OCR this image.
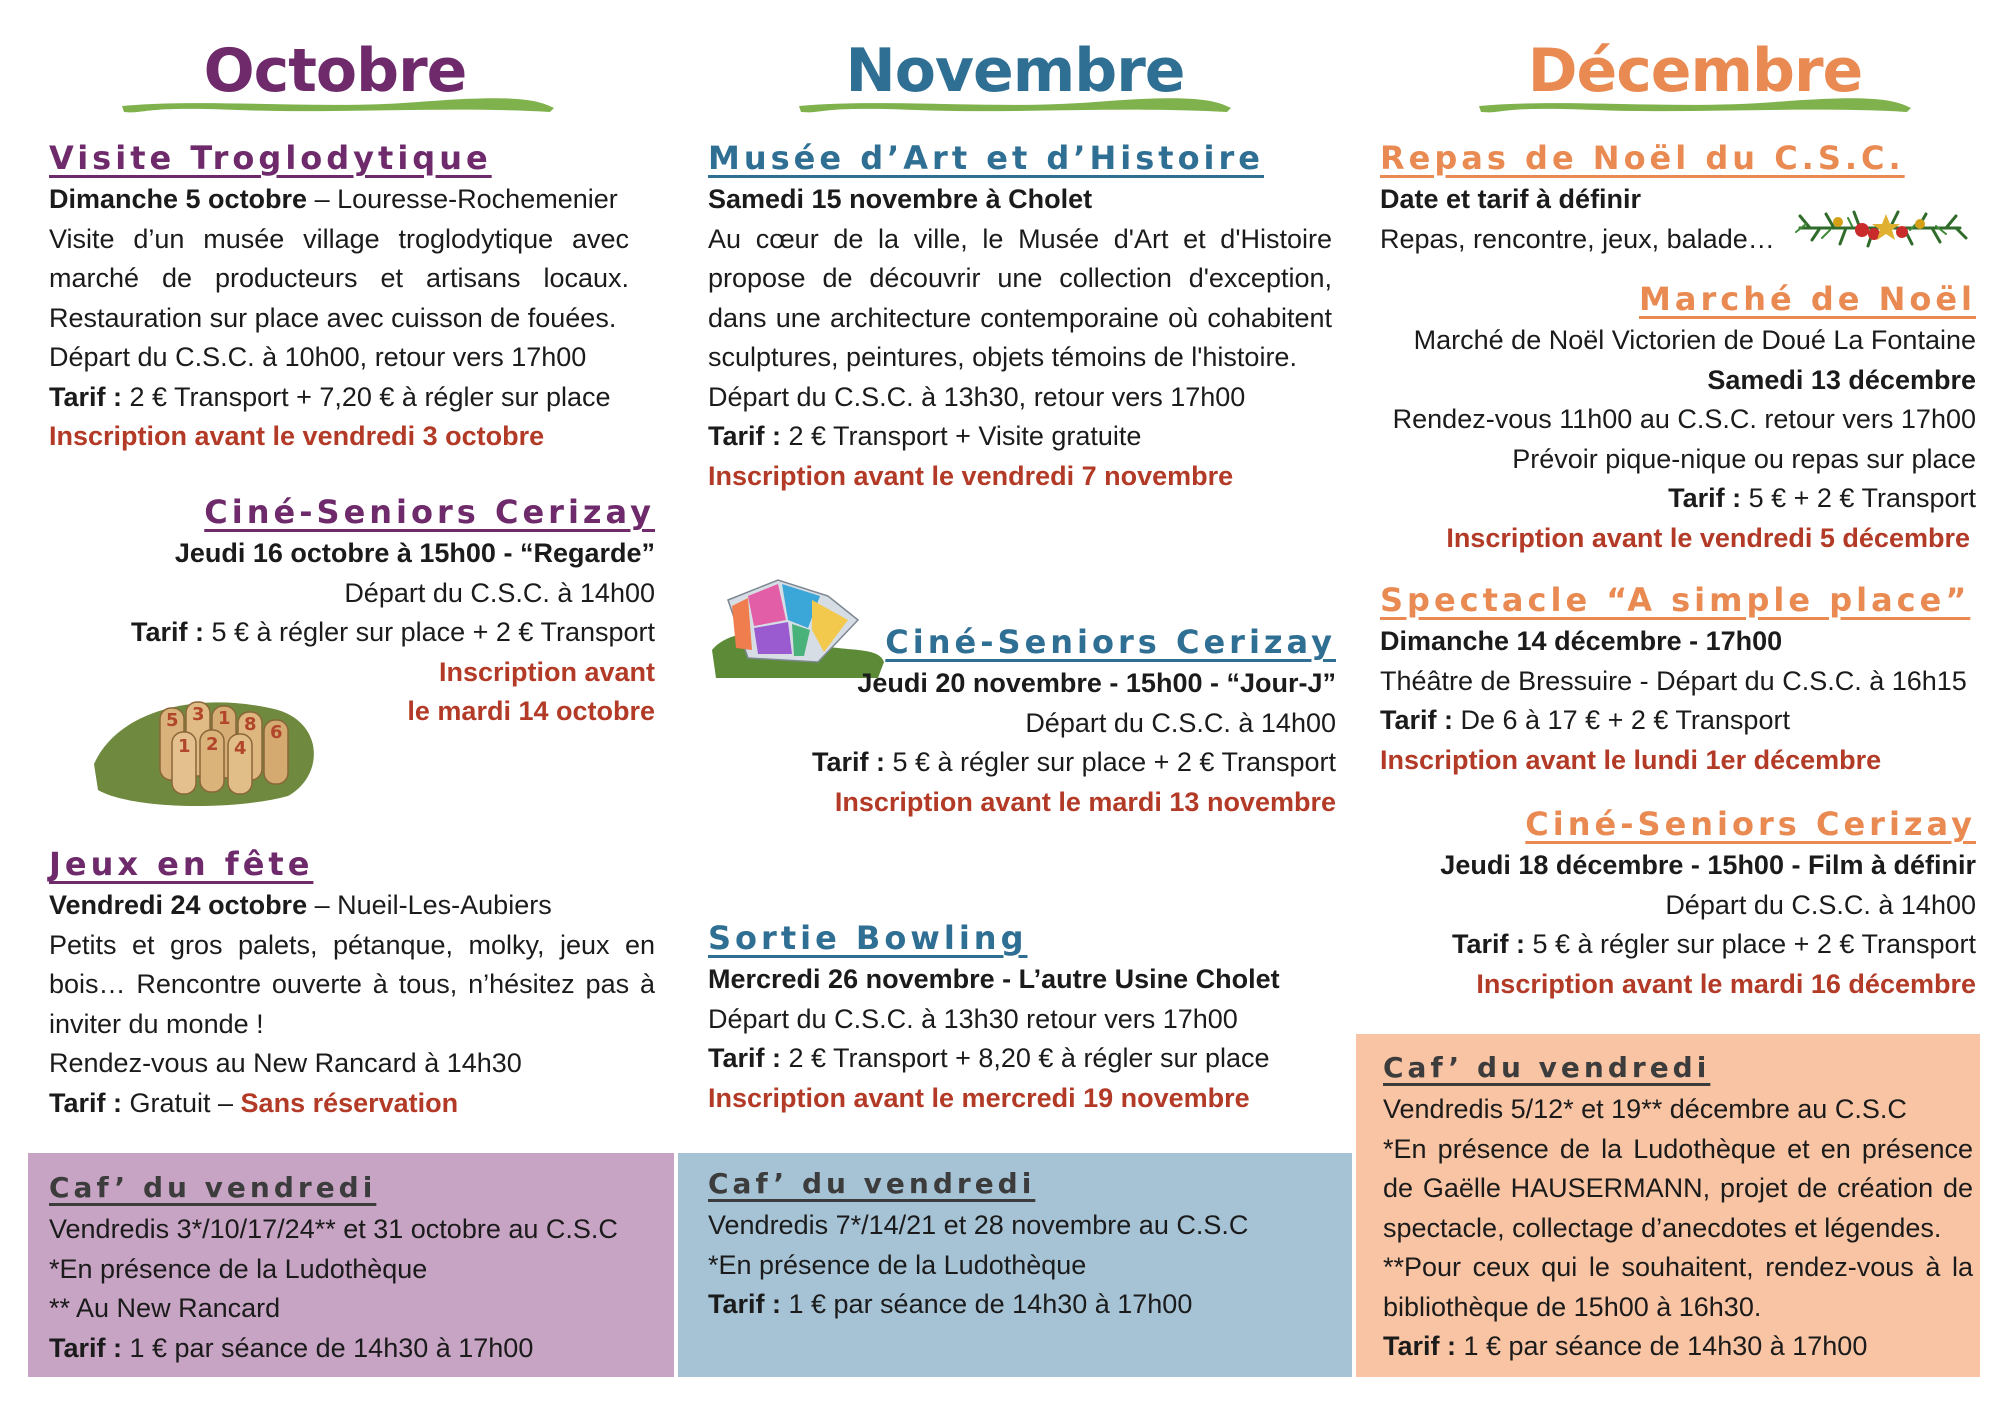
Octobre	Novembre	Décembre
Visite Troglodytique

Dimanche 5 octobre – Louresse-Rochemenier

Visite d’un musée village troglodytique avec marché de producteurs et artisans locaux. Restauration sur place avec cuisson de fouées.

Départ du C.S.C. à 10h00, retour vers 17h00

Tarif : 2 € Transport + 7,20 € à régler sur place

Inscription avant le vendredi 3 octobre

Ciné-Seniors Cerizay

Jeudi 16 octobre à 15h00 - “Regarde”

Départ du C.S.C. à 14h00

Tarif : 5 € à régler sur place + 2 € Transport

Inscription avant

le mardi 14 octobre

5 3 1 8 6
1 2 4
Jeux en fête

Vendredi 24 octobre – Nueil-Les-Aubiers

Petits et gros palets, pétanque, molky, jeux en bois… Rencontre ouverte à tous, n’hésitez pas à inviter du monde !

Rendez-vous au New Rancard à 14h30

Tarif : Gratuit – Sans réservation

Caf’ du vendredi

Vendredis 3*/10/17/24** et 31 octobre au C.S.C

*En présence de la Ludothèque

** Au New Rancard

Tarif : 1 € par séance de 14h30 à 17h00

Musée d’Art et d’Histoire

Samedi 15 novembre à Cholet

Au cœur de la ville, le Musée d'Art et d'Histoire propose de découvrir une collection d'exception, dans une architecture contemporaine où cohabitent sculptures, peintures, objets témoins de l'histoire.

Départ du C.S.C. à 13h30, retour vers 17h00

Tarif : 2 € Transport + Visite gratuite

Inscription avant le vendredi 7 novembre

Ciné-Seniors Cerizay

Jeudi 20 novembre - 15h00 - “Jour-J”

Départ du C.S.C. à 14h00

Tarif : 5 € à régler sur place + 2 € Transport

Inscription avant le mardi 13 novembre

Sortie Bowling

Mercredi 26 novembre - L’autre Usine Cholet

Départ du C.S.C. à 13h30 retour vers 17h00

Tarif : 2 € Transport + 8,20 € à régler sur place

Inscription avant le mercredi 19 novembre

Caf’ du vendredi

Vendredis 7*/14/21 et 28 novembre au C.S.C

*En présence de la Ludothèque

Tarif : 1 € par séance de 14h30 à 17h00

Repas de Noël du C.S.C.

Date et tarif à définir

Repas, rencontre, jeux, balade…

Marché de Noël

Marché de Noël Victorien de Doué La Fontaine

Samedi 13 décembre

Rendez-vous 11h00 au C.S.C. retour vers 17h00

Prévoir pique-nique ou repas sur place

Tarif : 5 € + 2 € Transport

Inscription avant le vendredi 5 décembre

Spectacle “A simple place”

Dimanche 14 décembre - 17h00

Théâtre de Bressuire - Départ du C.S.C. à 16h15

Tarif : De 6 à 17 € + 2 € Transport

Inscription avant le lundi 1er décembre

Ciné-Seniors Cerizay

Jeudi 18 décembre - 15h00 - Film à définir

Départ du C.S.C. à 14h00

Tarif : 5 € à régler sur place + 2 € Transport

Inscription avant le mardi 16 décembre

Caf’ du vendredi

Vendredis 5/12* et 19** décembre au C.S.C

*En présence de la Ludothèque et en présence de Gaëlle HAUSERMANN, projet de création de spectacle, collectage d’anecdotes et légendes.

**Pour ceux qui le souhaitent, rendez-vous à la bibliothèque de 15h00 à 16h30.

Tarif : 1 € par séance de 14h30 à 17h00
